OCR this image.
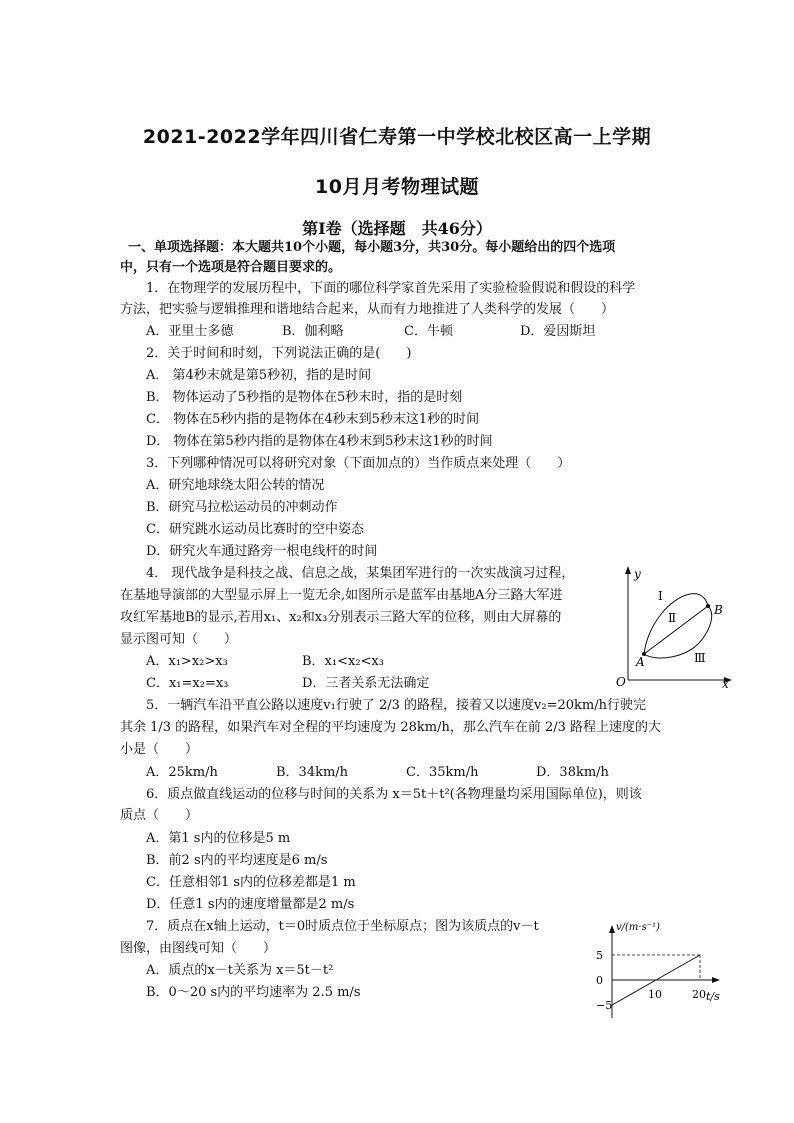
2021-2022学年四川省仁寿第一中学校北校区高一上学期
10月月考物理试题
第Ⅰ卷（选择题　共46分）
一、单项选择题：本大题共10个小题，每小题3分，共30分。每小题给出的四个选项
中，只有一个选项是符合题目要求的。
1．在物理学的发展历程中，下面的哪位科学家首先采用了实验检验假说和假设的科学
方法，把实验与逻辑推理和谐地结合起来，从而有力地推进了人类科学的发展（　　）
A．亚里士多德	B．伽利略	C．牛顿	D．爱因斯坦
2．关于时间和时刻，下列说法正确的是(　　)
A． 第4秒末就是第5秒初，指的是时间
B． 物体运动了5秒指的是物体在5秒末时，指的是时刻
C． 物体在5秒内指的是物体在4秒末到5秒末这1秒的时间
D． 物体在第5秒内指的是物体在4秒末到5秒末这1秒的时间
3．下列哪种情况可以将研究对象（下面加点的）当作质点来处理（　　）
A．研究地球绕太阳公转的情况
B．研究马拉松运动员的冲刺动作
C．研究跳水运动员比赛时的空中姿态
D．研究火车通过路旁一根电线杆的时间
4． 现代战争是科技之战、信息之战，某集团军进行的一次实战演习过程，
在基地导演部的大型显示屏上一览无余,如图所示是蓝军由基地A分三路大军进
攻红军基地B的显示,若用x₁、x₂和x₃分别表示三路大军的位移，则由大屏幕的
显示图可知（　　）
A．x₁>x₂>x₃	B．x₁<x₂<x₃
C．x₁=x₂=x₃	D．三者关系无法确定
y
x
O
A
B
Ⅰ
Ⅱ
Ⅲ
5．一辆汽车沿平直公路以速度v₁行驶了 2/3 的路程，接着又以速度v₂=20km/h行驶完
其余 1/3 的路程，如果汽车对全程的平均速度为 28km/h，那么汽车在前 2/3 路程上速度的大
小是（　　）
A．25km/h	B．34km/h	C．35km/h	D．38km/h
6．质点做直线运动的位移与时间的关系为 x＝5t＋t²(各物理量均采用国际单位)，则该
质点（　　）
A．第1 s内的位移是5 m
B．前2 s内的平均速度是6 m/s
C．任意相邻1 s内的位移差都是1 m
D．任意1 s内的速度增量都是2 m/s
7．质点在x轴上运动，t＝0时质点位于坐标原点；图为该质点的v－t
图像，由图线可知（　　）
A．质点的x－t关系为 x＝5t－t²
B．0～20 s内的平均速率为 2.5 m/s
v/(m·s⁻¹)
t/s
5
0
−5
10	20
